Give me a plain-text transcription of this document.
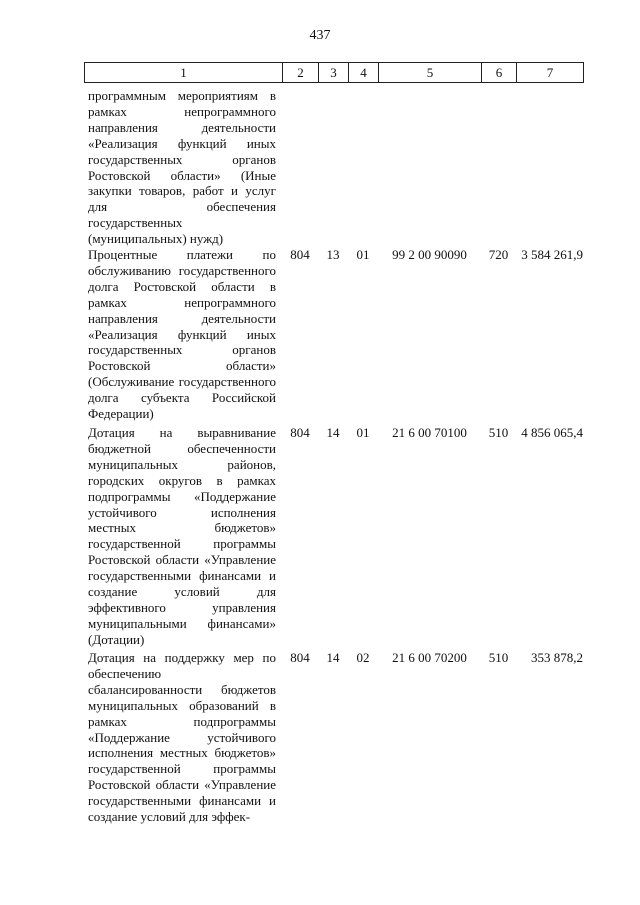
437
1	2	3	4	5	6	7
программным мероприятиям в рамках непрограммного направления деятельности «Реализация функций иных государственных органов Ростовской области» (Иные закупки товаров, работ и услуг для обеспечения государственных (муниципальных) нужд)
Процентные платежи по обслуживанию государственного долга Ростовской области в рамках непрограммного направления деятельности «Реализация функций иных государственных органов Ростовской области» (Обслуживание государственного долга субъекта Российской Федерации)
804	13	01	99 2 00 90090	720	3 584 261,9
Дотация на выравнивание бюджетной обеспеченности муниципальных районов, городских округов в рамках подпрограммы «Поддержание устойчивого исполнения местных бюджетов» государственной программы Ростовской области «Управление государственными финансами и создание условий для эффективного управления муниципальными финансами» (Дотации)
804	14	01	21 6 00 70100	510	4 856 065,4
Дотация на поддержку мер по обеспечению сбалансированности бюджетов муниципальных образований в рамках подпрограммы «Поддержание устойчивого исполнения местных бюджетов» государственной программы Ростовской области «Управление государственными финансами и создание условий для эффек-
804	14	02	21 6 00 70200	510	353 878,2
